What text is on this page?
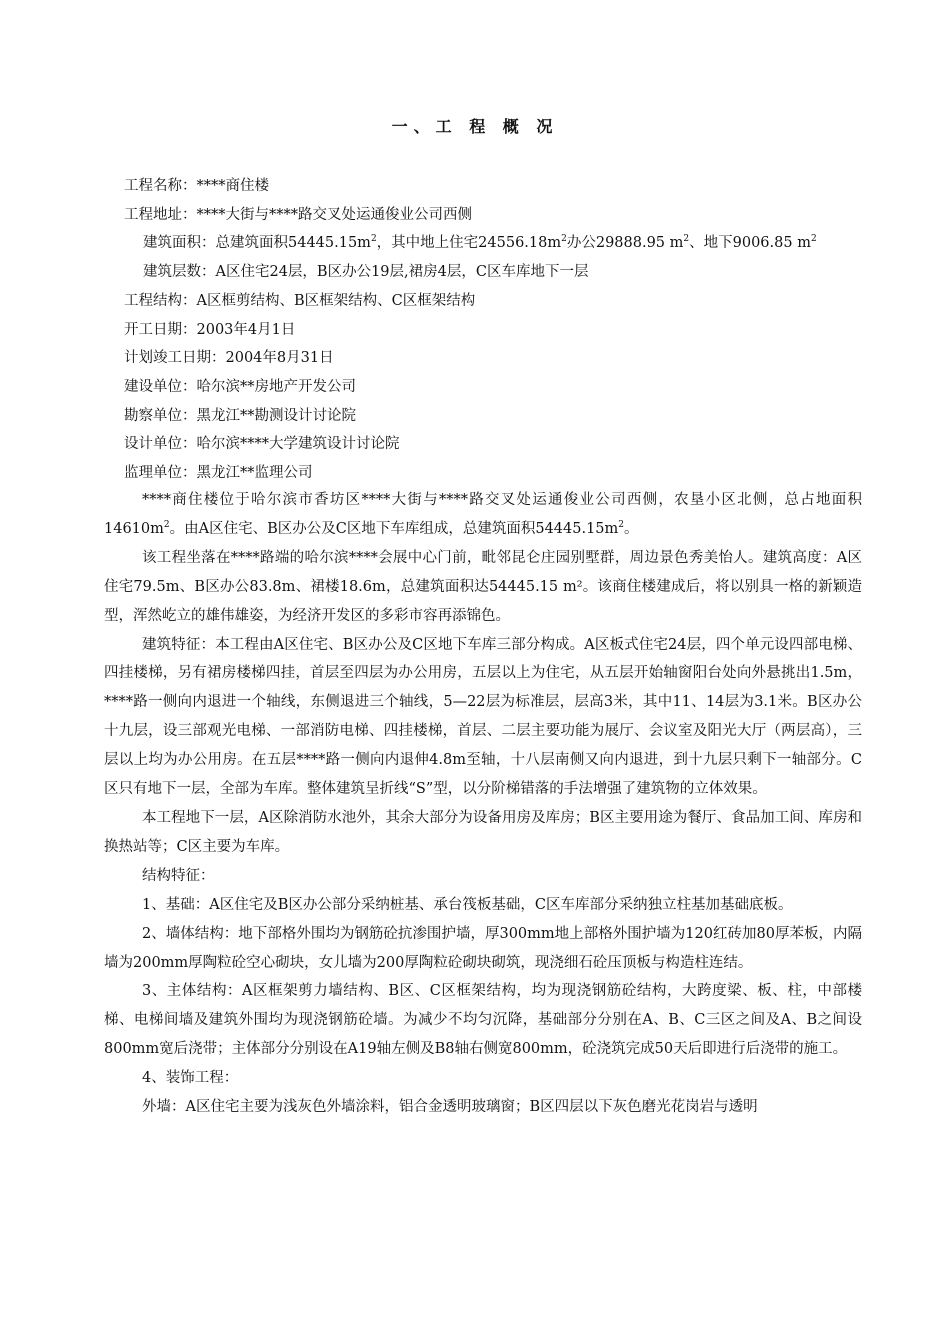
一、工 程 概 况
工程名称：****商住楼
工程地址：****大街与****路交叉处运通俊业公司西侧
建筑面积：总建筑面积$54445.15m^2$，其中地上住宅$24556.18m^2$办公29888.95 $m^2$、地下9006.85 $m^2$
建筑层数：A区住宅24层，B区办公19层,裙房4层，C区车库地下一层
工程结构：A区框剪结构、B区框架结构、C区框架结构
开工日期：2003年4月1日
计划竣工日期：2004年8月31日
建设单位：哈尔滨**房地产开发公司
勘察单位：黑龙江**勘测设计讨论院
设计单位：哈尔滨****大学建筑设计讨论院
监理单位：黑龙江**监理公司

****商住楼位于哈尔滨市香坊区****大街与****路交叉处运通俊业公司西侧，农垦小区北侧，总占地面积$14610m^2$。由A区住宅、B区办公及C区地下车库组成，总建筑面积$54445.15m^2$。

该工程坐落在****路端的哈尔滨****会展中心门前，毗邻昆仑庄园别墅群，周边景色秀美怡人。建筑高度：A区住宅79.5m、B区办公83.8m、裙楼18.6m，总建筑面积达54445.15 m²。该商住楼建成后，将以别具一格的新颖造型，浑然屹立的雄伟雄姿，为经济开发区的多彩市容再添锦色。

建筑特征：本工程由A区住宅、B区办公及C区地下车库三部分构成。A区板式住宅24层，四个单元设四部电梯、四挂楼梯，另有裙房楼梯四挂，首层至四层为办公用房，五层以上为住宅，从五层开始轴窗阳台处向外悬挑出1.5m，****路一侧向内退进一个轴线，东侧退进三个轴线，5—22层为标准层，层高3米，其中11、14层为3.1米。B区办公十九层，设三部观光电梯、一部消防电梯、四挂楼梯，首层、二层主要功能为展厅、会议室及阳光大厅（两层高），三层以上均为办公用房。在五层****路一侧向内退伸4.8m至轴，十八层南侧又向内退进，到十九层只剩下一轴部分。C区只有地下一层，全部为车库。整体建筑呈折线“S”型，以分阶梯错落的手法增强了建筑物的立体效果。

本工程地下一层，A区除消防水池外，其余大部分为设备用房及库房；B区主要用途为餐厅、食品加工间、库房和换热站等；C区主要为车库。

结构特征：

1、基础：A区住宅及B区办公部分采纳桩基、承台筏板基础，C区车库部分采纳独立柱基加基础底板。

2、墙体结构：地下部格外围均为钢筋砼抗渗围护墙，厚300mm地上部格外围护墙为120红砖加80厚苯板，内隔墙为200mm厚陶粒砼空心砌块，女儿墙为200厚陶粒砼砌块砌筑，现浇细石砼压顶板与构造柱连结。

3、主体结构：A区框架剪力墙结构、B区、C区框架结构，均为现浇钢筋砼结构，大跨度梁、板、柱，中部楼梯、电梯间墙及建筑外围均为现浇钢筋砼墙。为减少不均匀沉降，基础部分分别在A、B、C三区之间及A、B之间设800mm宽后浇带；主体部分分别设在A19轴左侧及B8轴右侧宽800mm，砼浇筑完成50天后即进行后浇带的施工。

4、装饰工程：

外墙：A区住宅主要为浅灰色外墙涂料，铝合金透明玻璃窗；B区四层以下灰色磨光花岗岩与透明
